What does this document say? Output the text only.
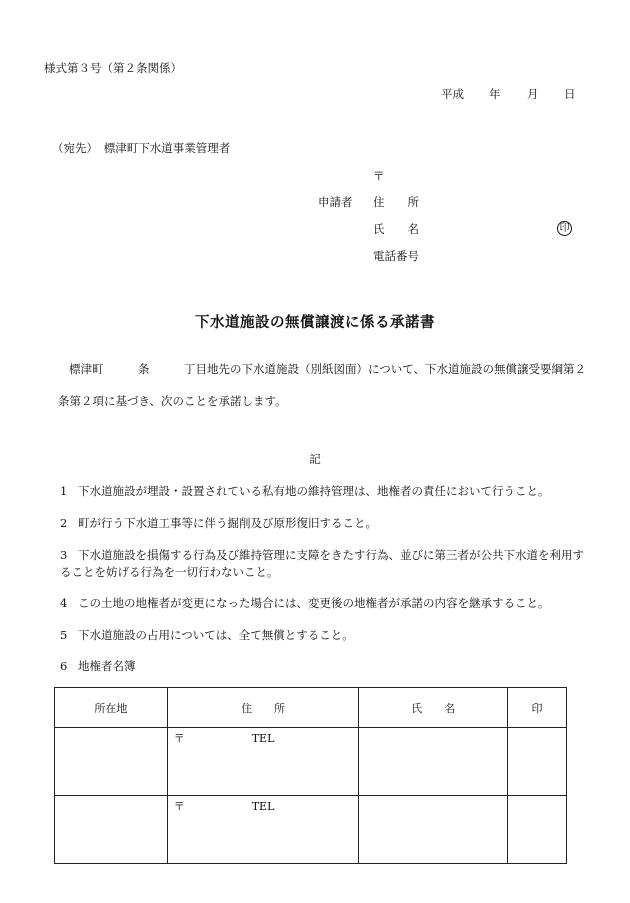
様式第３号（第２条関係）
平成 年 月 日
（宛先）　標津町下水道事業管理者
〒
申請者 住　　所
氏　　名	印
電話番号
下水道施設の無償譲渡に係る承諾書
標津町　　　条　　　丁目地先の下水道施設（別紙図面）について、下水道施設の無償譲受要綱第２条第２項に基づき、次のことを承諾します。
記
1 下水道施設が埋設・設置されている私有地の維持管理は、地権者の責任において行うこと。
2 町が行う下水道工事等に伴う掘削及び原形復旧すること。
3 下水道施設を損傷する行為及び維持管理に支障をきたす行為、並びに第三者が公共下水道を利用することを妨げる行為を一切行わないこと。
4 この土地の地権者が変更になった場合には、変更後の地権者が承諾の内容を継承すること。
5 下水道施設の占用については、全て無償とすること。
6 地権者名簿
所在地	住　　所	氏　　名	印
	〒 TEL		
	〒 TEL		
